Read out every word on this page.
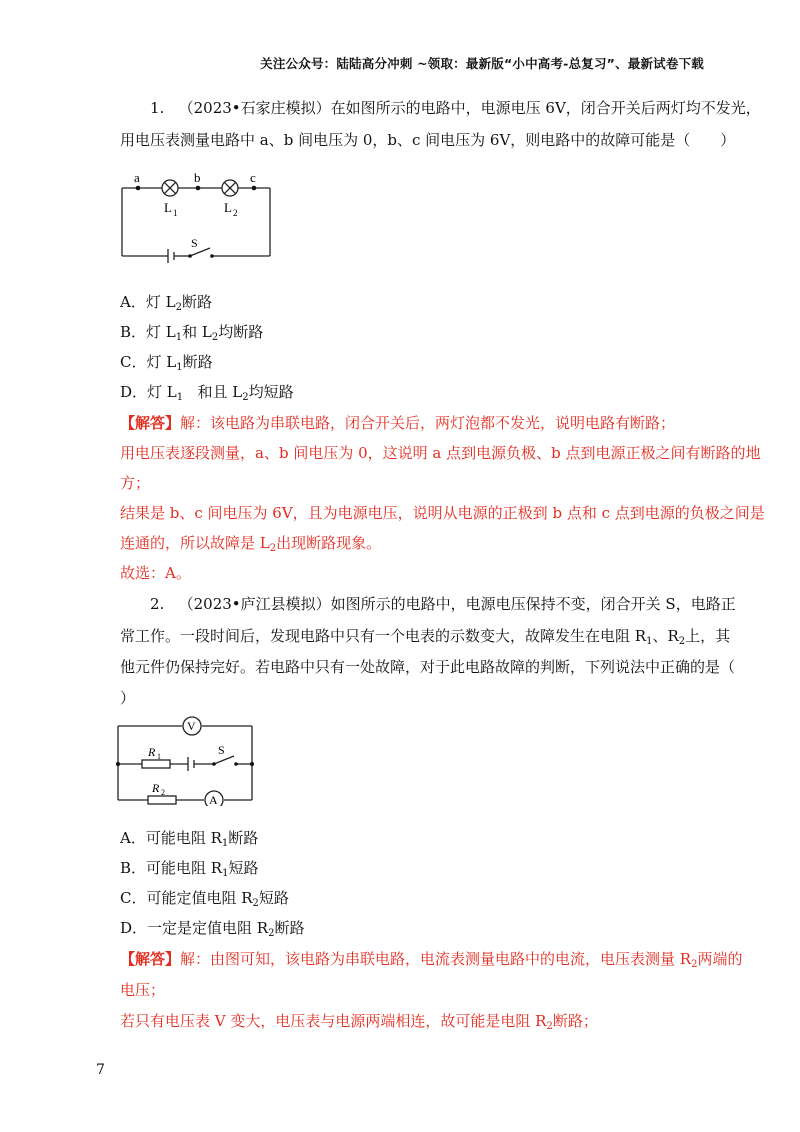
关注公众号：陆陆高分冲刺 ~领取：最新版“小中高考-总复习”、最新试卷下载
1. （2023•石家庄模拟）在如图所示的电路中，电源电压 6V，闭合开关后两灯均不发光，
用电压表测量电路中 a、b 间电压为 0，b、c 间电压为 6V，则电路中的故障可能是（　　）
a	b	c
L 1	L 2
S
A．灯 $L_2$断路
B．灯 $L_1$和 $L_2$均断路
C．灯 $L_1$断路
D．灯 $L_1$   和且 $L_2$均短路
【解答】解：该电路为串联电路，闭合开关后，两灯泡都不发光，说明电路有断路；
用电压表逐段测量，a、b 间电压为 0，这说明 a 点到电源负极、b 点到电源正极之间有断路的地
方；
结果是 b、c 间电压为 6V，且为电源电压，说明从电源的正极到 b 点和 c 点到电源的负极之间是
连通的，所以故障是 $L_2$出现断路现象。
故选：A。
2. （2023•庐江县模拟）如图所示的电路中，电源电压保持不变，闭合开关 S，电路正
常工作。一段时间后，发现电路中只有一个电表的示数变大，故障发生在电阻 $R_1$、$R_2$上，其
他元件仍保持完好。若电路中只有一处故障，对于此电路故障的判断，下列说法中正确的是（
）
V
A
R 1
R 2
S
A．可能电阻 $R_1$断路
B．可能电阻 $R_1$短路
C．可能定值电阻 $R_2$短路
D．一定是定值电阻 $R_2$断路
【解答】解：由图可知，该电路为串联电路，电流表测量电路中的电流，电压表测量 $R_2$两端的
电压；
若只有电压表 V 变大，电压表与电源两端相连，故可能是电阻 $R_2$断路；
7
